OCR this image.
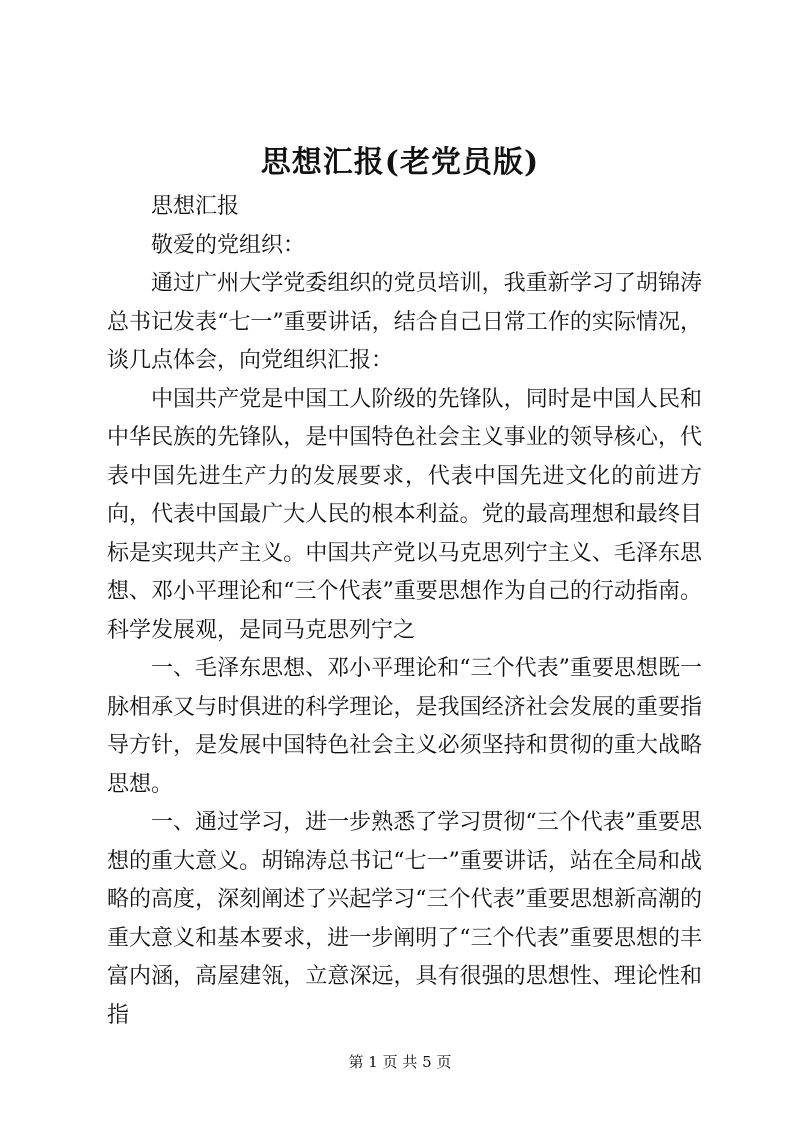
思想汇报(老党员版)

思想汇报

敬爱的党组织：

通过广州大学党委组织的党员培训，我重新学习了胡锦涛总书记发表“七一”重要讲话，结合自己日常工作的实际情况，谈几点体会，向党组织汇报：

中国共产党是中国工人阶级的先锋队，同时是中国人民和中华民族的先锋队，是中国特色社会主义事业的领导核心，代表中国先进生产力的发展要求，代表中国先进文化的前进方向，代表中国最广大人民的根本利益。党的最高理想和最终目标是实现共产主义。中国共产党以马克思列宁主义、毛泽东思想、邓小平理论和“三个代表”重要思想作为自己的行动指南。科学发展观，是同马克思列宁之

一、毛泽东思想、邓小平理论和“三个代表”重要思想既一脉相承又与时俱进的科学理论，是我国经济社会发展的重要指导方针，是发展中国特色社会主义必须坚持和贯彻的重大战略思想。

一、通过学习，进一步熟悉了学习贯彻“三个代表”重要思想的重大意义。胡锦涛总书记“七一”重要讲话，站在全局和战略的高度，深刻阐述了兴起学习“三个代表”重要思想新高潮的重大意义和基本要求，进一步阐明了“三个代表”重要思想的丰富内涵，高屋建瓴，立意深远，具有很强的思想性、理论性和指

第 1 页 共 5 页
